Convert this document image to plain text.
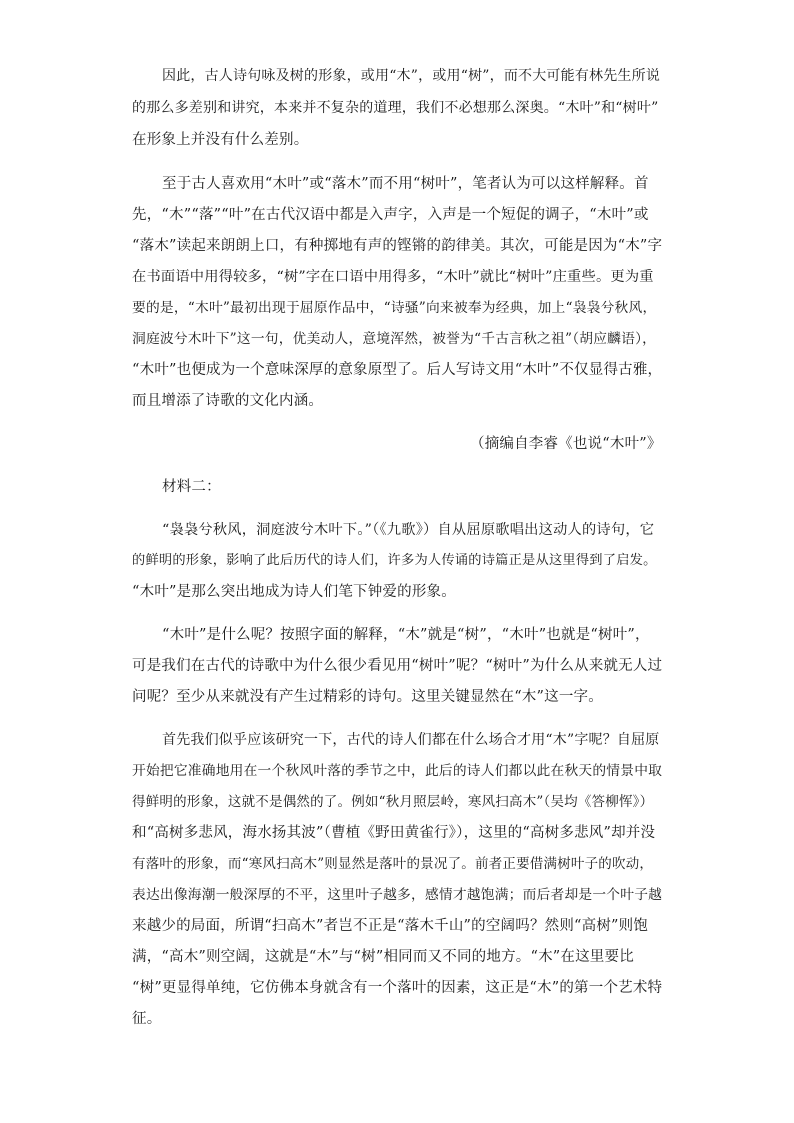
因此，古人诗句咏及树的形象，或用“木”，或用“树”，而不大可能有林先生所说
的那么多差别和讲究，本来并不复杂的道理，我们不必想那么深奥。“木叶”和“树叶”
在形象上并没有什么差别。
至于古人喜欢用“木叶”或“落木”而不用“树叶”，笔者认为可以这样解释。首
先，“木”“落”“叶”在古代汉语中都是入声字，入声是一个短促的调子，“木叶”或
“落木”读起来朗朗上口，有种掷地有声的铿锵的韵律美。其次，可能是因为“木”字
在书面语中用得较多，“树”字在口语中用得多，“木叶”就比“树叶”庄重些。更为重
要的是，“木叶”最初出现于屈原作品中，“诗骚”向来被奉为经典，加上“袅袅兮秋风，
洞庭波兮木叶下”这一句，优美动人，意境浑然，被誉为“千古言秋之祖”（胡应麟语），
“木叶”也便成为一个意味深厚的意象原型了。后人写诗文用“木叶”不仅显得古雅，
而且增添了诗歌的文化内涵。
（摘编自李睿《也说“木叶”》
材料二：
“袅袅兮秋风，洞庭波兮木叶下。”（《九歌》）自从屈原歌唱出这动人的诗句，它
的鲜明的形象，影响了此后历代的诗人们，许多为人传诵的诗篇正是从这里得到了启发。
“木叶”是那么突出地成为诗人们笔下钟爱的形象。
“木叶”是什么呢？按照字面的解释，“木”就是“树”，“木叶”也就是“树叶”，
可是我们在古代的诗歌中为什么很少看见用“树叶”呢？“树叶”为什么从来就无人过
问呢？至少从来就没有产生过精彩的诗句。这里关键显然在“木”这一字。
首先我们似乎应该研究一下，古代的诗人们都在什么场合才用“木”字呢？自屈原
开始把它准确地用在一个秋风叶落的季节之中，此后的诗人们都以此在秋天的情景中取
得鲜明的形象，这就不是偶然的了。例如“秋月照层岭，寒风扫高木”（吴均《答柳恽》）
和“高树多悲风，海水扬其波”（曹植《野田黄雀行》），这里的“高树多悲风”却并没
有落叶的形象，而“寒风扫高木”则显然是落叶的景况了。前者正要借满树叶子的吹动，
表达出像海潮一般深厚的不平，这里叶子越多，感情才越饱满；而后者却是一个叶子越
来越少的局面，所谓“扫高木”者岂不正是“落木千山”的空阔吗？然则“高树”则饱
满，“高木”则空阔，这就是“木”与“树”相同而又不同的地方。“木”在这里要比
“树”更显得单纯，它仿佛本身就含有一个落叶的因素，这正是“木”的第一个艺术特
征。
